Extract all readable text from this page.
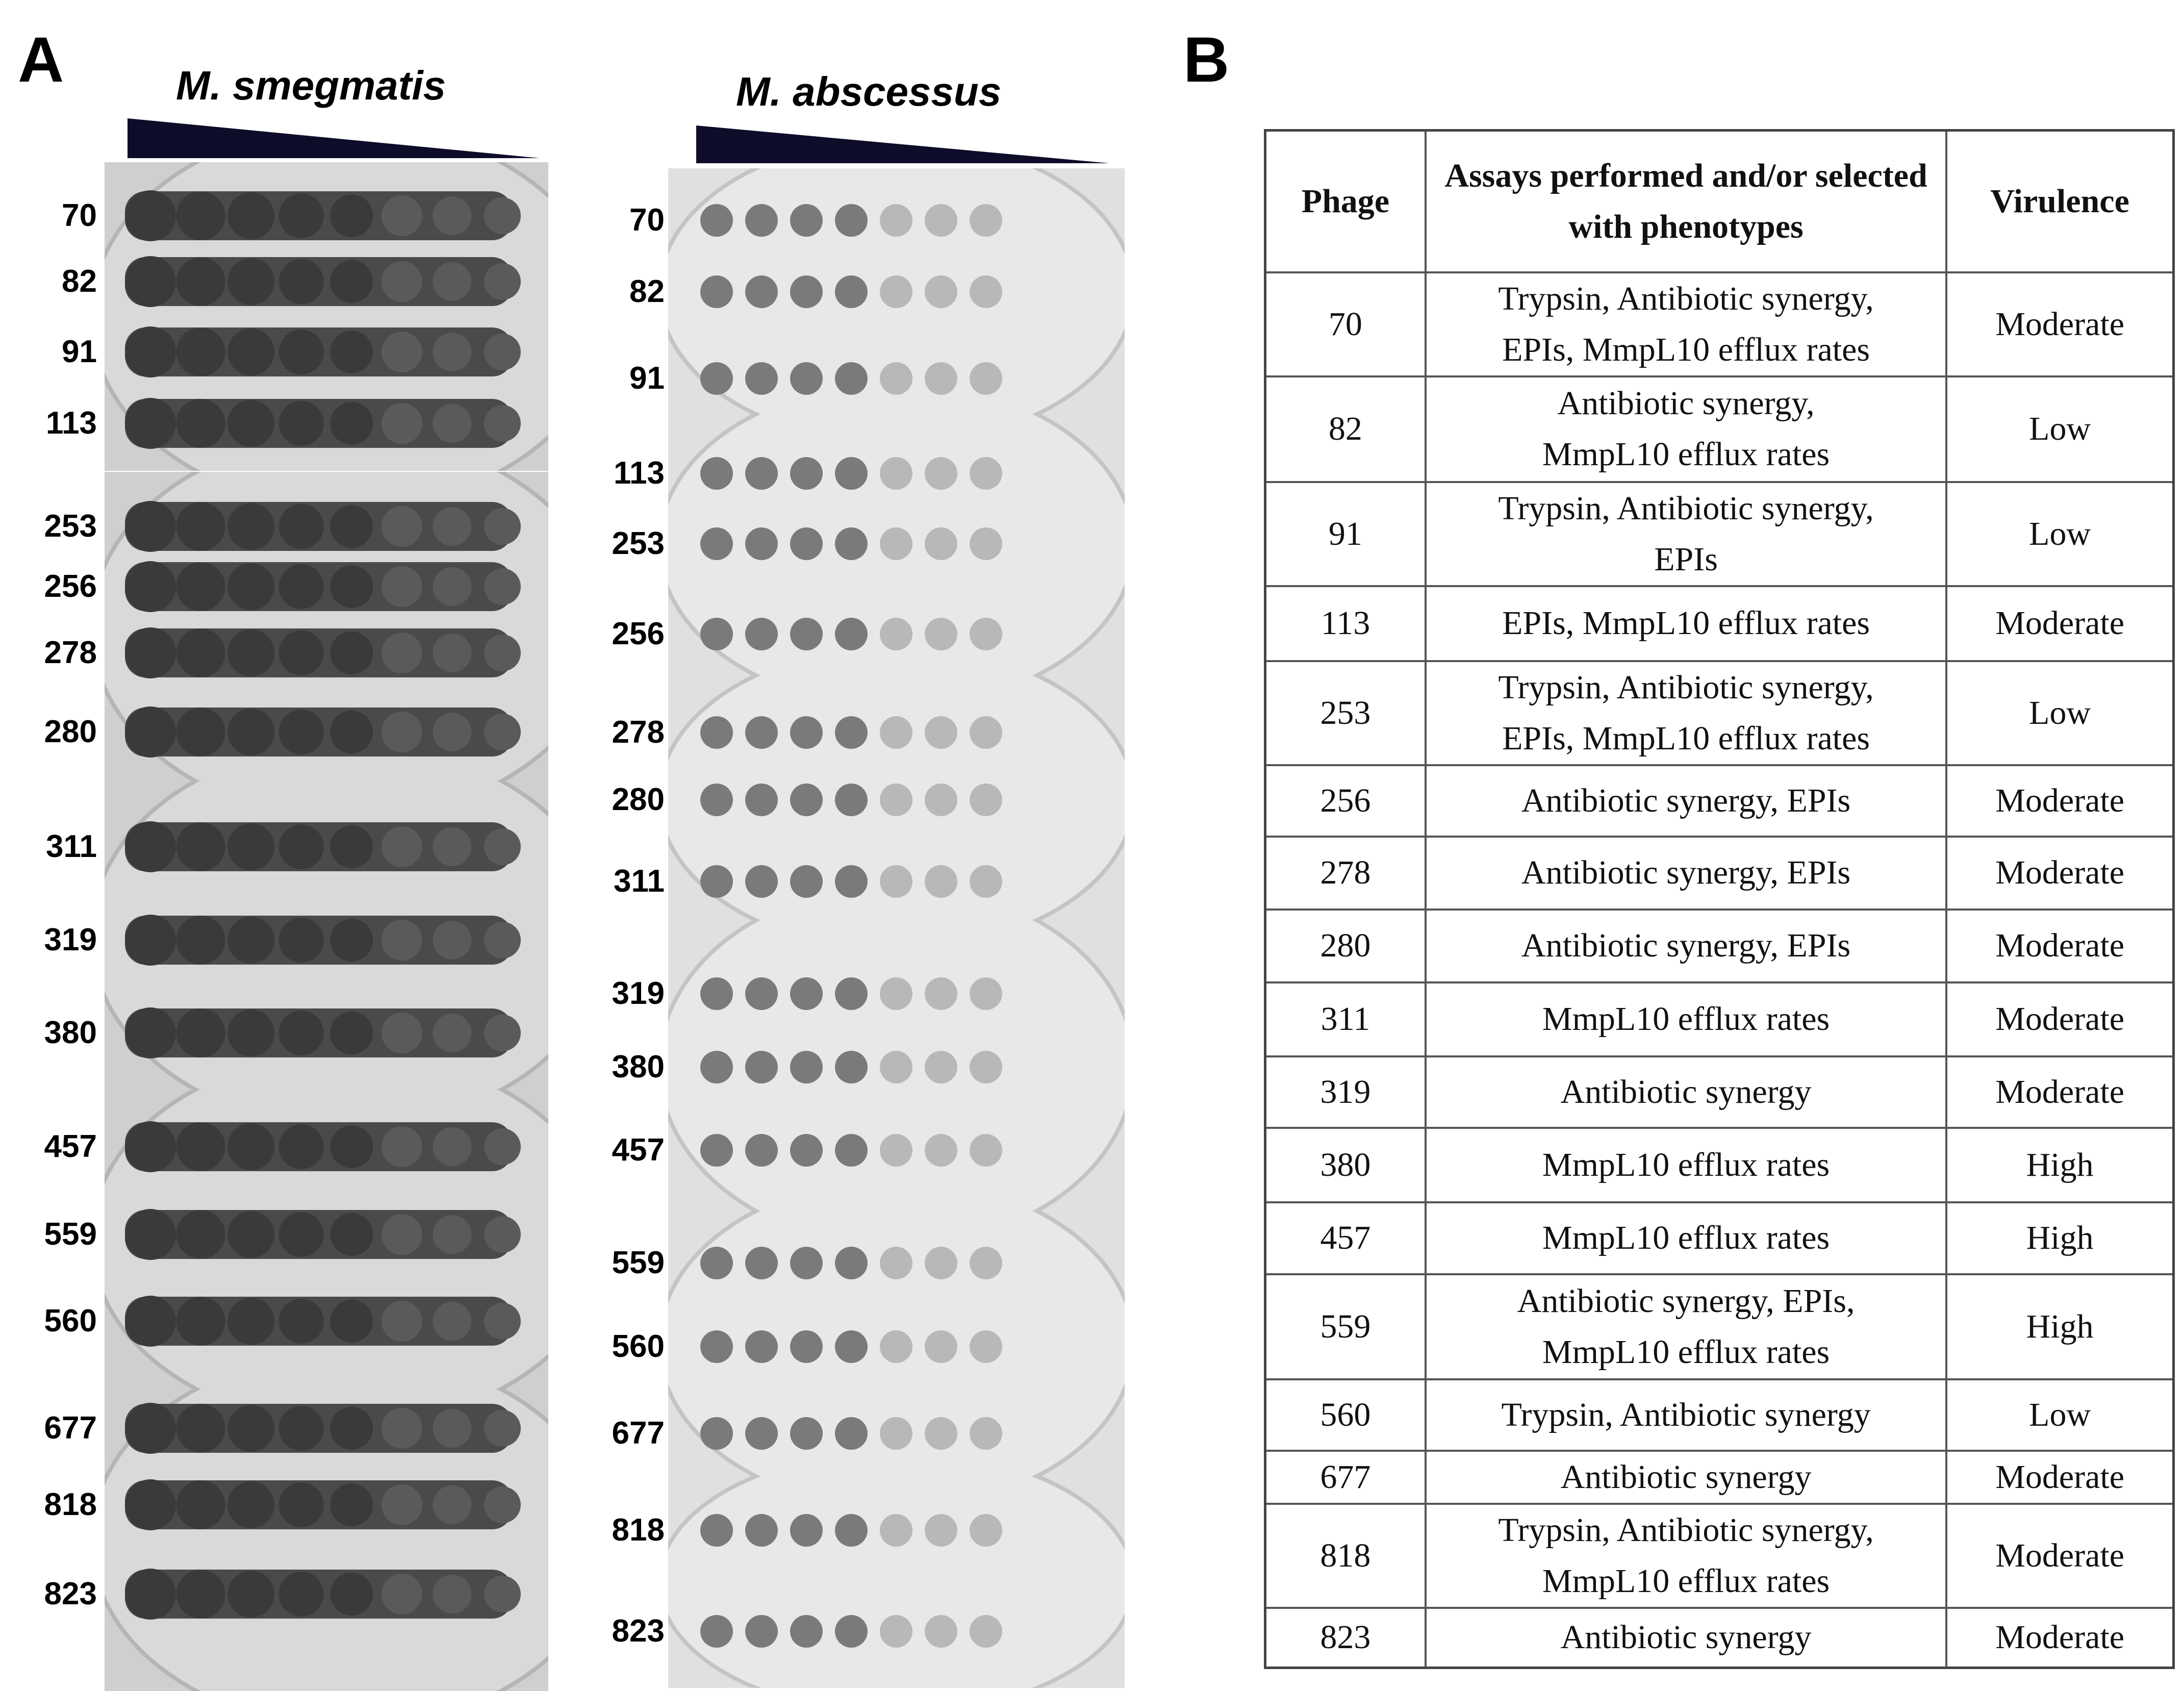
A	B
M. smegmatis	M. abscessus
70
82
91
113
253
256
278
280
311
319
380
457
559
560
677
818
823
70
82
91
113
253
256
278
280
311
319
380
457
559
560
677
818
823
Phage	Assays performed and/or selected with phenotypes	Virulence
70	Trypsin, Antibiotic synergy,
EPIs, MmpL10 efflux rates	Moderate
82	Antibiotic synergy,
MmpL10 efflux rates	Low
91	Trypsin, Antibiotic synergy,
EPIs	Low
113	EPIs, MmpL10 efflux rates	Moderate
253	Trypsin, Antibiotic synergy,
EPIs, MmpL10 efflux rates	Low
256	Antibiotic synergy, EPIs	Moderate
278	Antibiotic synergy, EPIs	Moderate
280	Antibiotic synergy, EPIs	Moderate
311	MmpL10 efflux rates	Moderate
319	Antibiotic synergy	Moderate
380	MmpL10 efflux rates	High
457	MmpL10 efflux rates	High
559	Antibiotic synergy, EPIs,
MmpL10 efflux rates	High
560	Trypsin, Antibiotic synergy	Low
677	Antibiotic synergy	Moderate
818	Trypsin, Antibiotic synergy,
MmpL10 efflux rates	Moderate
823	Antibiotic synergy	Moderate
